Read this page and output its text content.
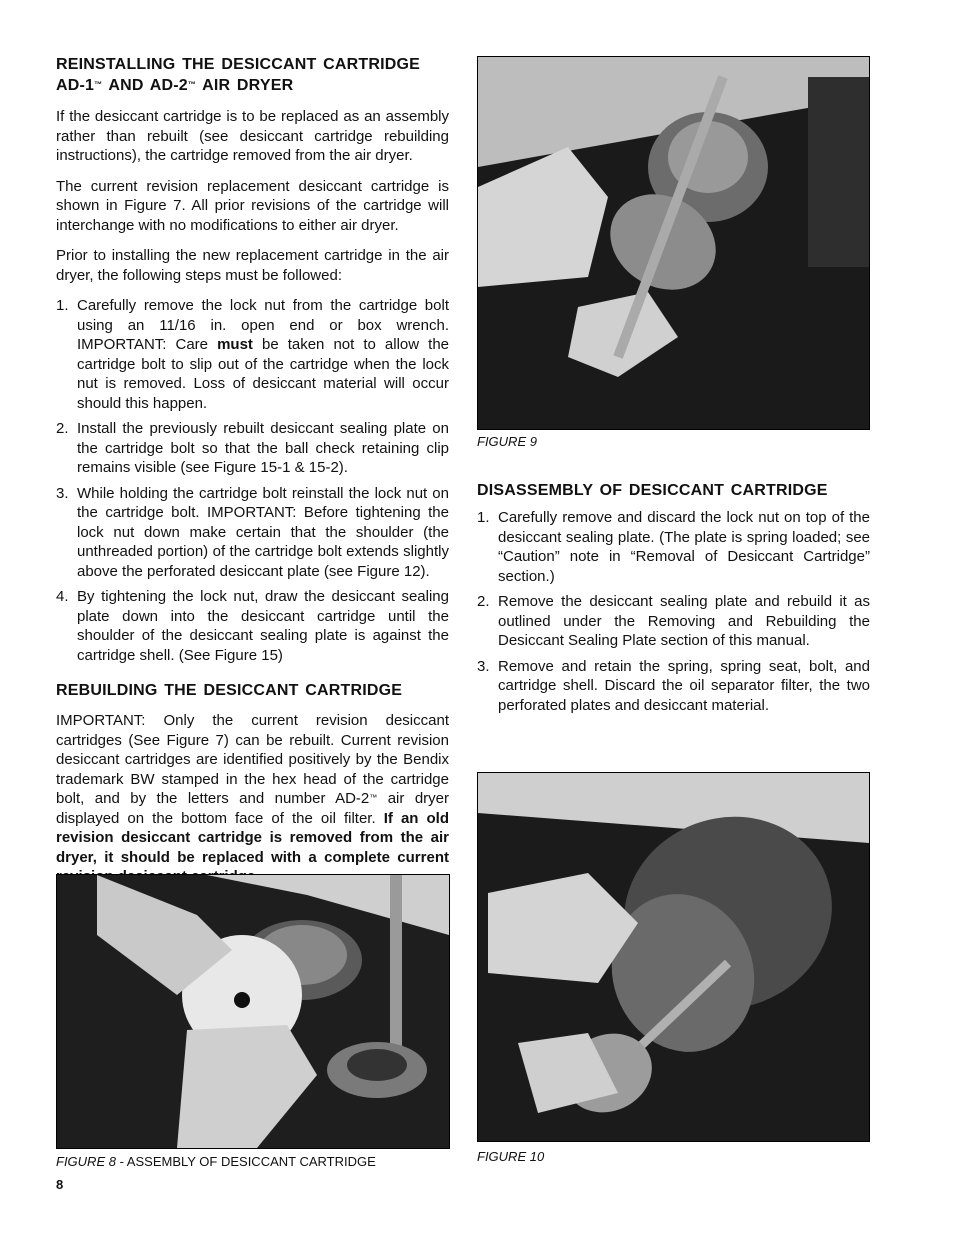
REINSTALLING THE DESICCANT CARTRIDGE
AD-1™ AND AD-2™ AIR DRYER

If the desiccant cartridge is to be replaced as an assembly rather than rebuilt (see desiccant cartridge rebuilding instructions), the cartridge removed from the air dryer.

The current revision replacement desiccant cartridge is shown in Figure 7. All prior revisions of the cartridge will interchange with no modifications to either air dryer.

Prior to installing the new replacement cartridge in the air dryer, the following steps must be followed:

1. Carefully remove the lock nut from the cartridge bolt using an 11/16 in. open end or box wrench. IMPORTANT: Care must be taken not to allow the cartridge bolt to slip out of the cartridge when the lock nut is removed. Loss of desiccant material will occur should this happen.
2. Install the previously rebuilt desiccant sealing plate on the cartridge bolt so that the ball check retaining clip remains visible (see Figure 15-1 & 15-2).
3. While holding the cartridge bolt reinstall the lock nut on the cartridge bolt. IMPORTANT: Before tightening the lock nut down make certain that the shoulder (the unthreaded portion) of the cartridge bolt extends slightly above the perforated desiccant plate (see Figure 12).
4. By tightening the lock nut, draw the desiccant sealing plate down into the desiccant cartridge until the shoulder of the desiccant sealing plate is against the cartridge shell. (See Figure 15)
REBUILDING THE DESICCANT CARTRIDGE

IMPORTANT: Only the current revision desiccant cartridges (See Figure 7) can be rebuilt. Current revision desiccant cartridges are identified positively by the Bendix trademark BW stamped in the hex head of the cartridge bolt, and by the letters and number AD-2™ air dryer displayed on the bottom face of the oil filter. If an old revision desiccant cartridge is removed from the air dryer, it should be replaced with a complete current

FIGURE 8 - ASSEMBLY OF DESICCANT CARTRIDGE
8
FIGURE 9
DISASSEMBLY OF DESICCANT CARTRIDGE
1. Carefully remove and discard the lock nut on top of the desiccant sealing plate. (The plate is spring loaded; see “Caution” note in “Removal of Desiccant Cartridge” section.)
2. Remove the desiccant sealing plate and rebuild it as outlined under the Removing and Rebuilding the Desiccant Sealing Plate section of this manual.
3. Remove and retain the spring, spring seat, bolt, and cartridge shell. Discard the oil separator filter, the two perforated plates and desiccant material.
FIGURE 10
